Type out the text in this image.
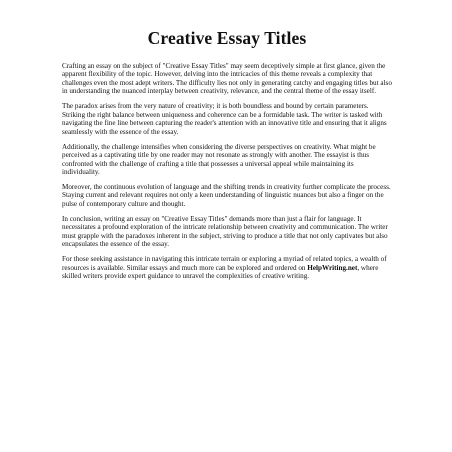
Creative Essay Titles

Crafting an essay on the subject of "Creative Essay Titles" may seem deceptively simple at first glance, given the apparent flexibility of the topic. However, delving into the intricacies of this theme reveals a complexity that challenges even the most adept writers. The difficulty lies not only in generating catchy and engaging titles but also in understanding the nuanced interplay between creativity, relevance, and the central theme of the essay itself.

The paradox arises from the very nature of creativity; it is both boundless and bound by certain parameters. Striking the right balance between uniqueness and coherence can be a formidable task. The writer is tasked with navigating the fine line between capturing the reader's attention with an innovative title and ensuring that it aligns seamlessly with the essence of the essay.

Additionally, the challenge intensifies when considering the diverse perspectives on creativity. What might be perceived as a captivating title by one reader may not resonate as strongly with another. The essayist is thus confronted with the challenge of crafting a title that possesses a universal appeal while maintaining its individuality.

Moreover, the continuous evolution of language and the shifting trends in creativity further complicate the process. Staying current and relevant requires not only a keen understanding of linguistic nuances but also a finger on the pulse of contemporary culture and thought.

In conclusion, writing an essay on "Creative Essay Titles" demands more than just a flair for language. It necessitates a profound exploration of the intricate relationship between creativity and communication. The writer must grapple with the paradoxes inherent in the subject, striving to produce a title that not only captivates but also encapsulates the essence of the essay.

For those seeking assistance in navigating this intricate terrain or exploring a myriad of related topics, a wealth of resources is available. Similar essays and much more can be explored and ordered on HelpWriting.net, where skilled writers provide expert guidance to unravel the complexities of creative writing.
